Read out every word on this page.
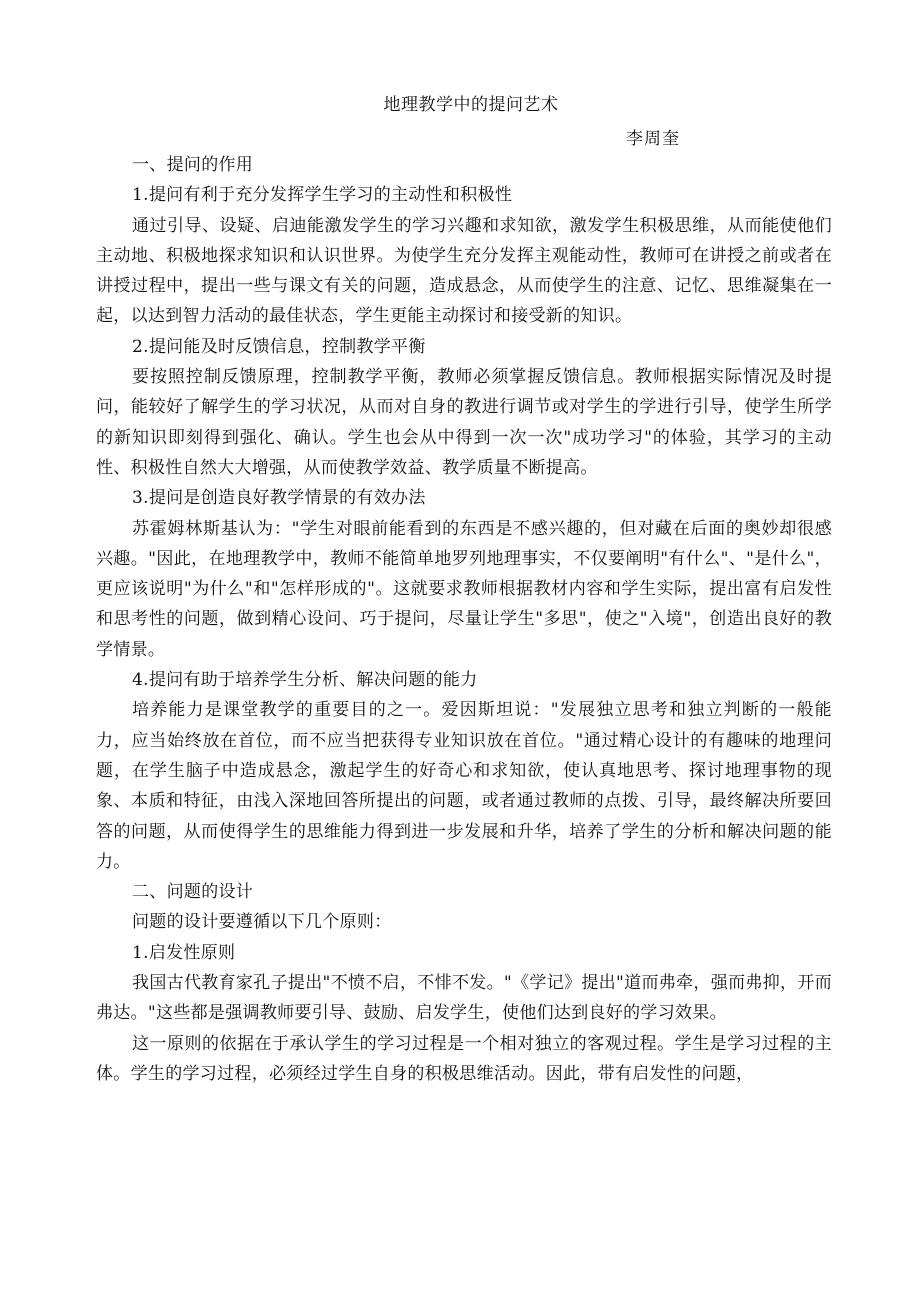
地理教学中的提问艺术
李周奎

一、提问的作用

1.提问有利于充分发挥学生学习的主动性和积极性

通过引导、设疑、启迪能激发学生的学习兴趣和求知欲，激发学生积极思维，从而能使他们主动地、积极地探求知识和认识世界。为使学生充分发挥主观能动性，教师可在讲授之前或者在讲授过程中，提出一些与课文有关的问题，造成悬念，从而使学生的注意、记忆、思维凝集在一起，以达到智力活动的最佳状态，学生更能主动探讨和接受新的知识。

2.提问能及时反馈信息，控制教学平衡

要按照控制反馈原理，控制教学平衡，教师必须掌握反馈信息。教师根据实际情况及时提问，能较好了解学生的学习状况，从而对自身的教进行调节或对学生的学进行引导，使学生所学的新知识即刻得到强化、确认。学生也会从中得到一次一次"成功学习"的体验，其学习的主动性、积极性自然大大增强，从而使教学效益、教学质量不断提高。

3.提问是创造良好教学情景的有效办法

苏霍姆林斯基认为："学生对眼前能看到的东西是不感兴趣的，但对藏在后面的奥妙却很感兴趣。"因此，在地理教学中，教师不能简单地罗列地理事实，不仅要阐明"有什么"、"是什么"，更应该说明"为什么"和"怎样形成的"。这就要求教师根据教材内容和学生实际，提出富有启发性和思考性的问题，做到精心设问、巧于提问，尽量让学生"多思"，使之"入境"，创造出良好的教学情景。

4.提问有助于培养学生分析、解决问题的能力

培养能力是课堂教学的重要目的之一。爱因斯坦说："发展独立思考和独立判断的一般能力，应当始终放在首位，而不应当把获得专业知识放在首位。"通过精心设计的有趣味的地理问题，在学生脑子中造成悬念，激起学生的好奇心和求知欲，使认真地思考、探讨地理事物的现象、本质和特征，由浅入深地回答所提出的问题，或者通过教师的点拨、引导，最终解决所要回答的问题，从而使得学生的思维能力得到进一步发展和升华，培养了学生的分析和解决问题的能力。

二、问题的设计

问题的设计要遵循以下几个原则：

1.启发性原则

我国古代教育家孔子提出"不愤不启，不悱不发。"《学记》提出"道而弗牵，强而弗抑，开而弗达。"这些都是强调教师要引导、鼓励、启发学生，使他们达到良好的学习效果。

这一原则的依据在于承认学生的学习过程是一个相对独立的客观过程。学生是学习过程的主体。学生的学习过程，必须经过学生自身的积极思维活动。因此，带有启发性的问题，
